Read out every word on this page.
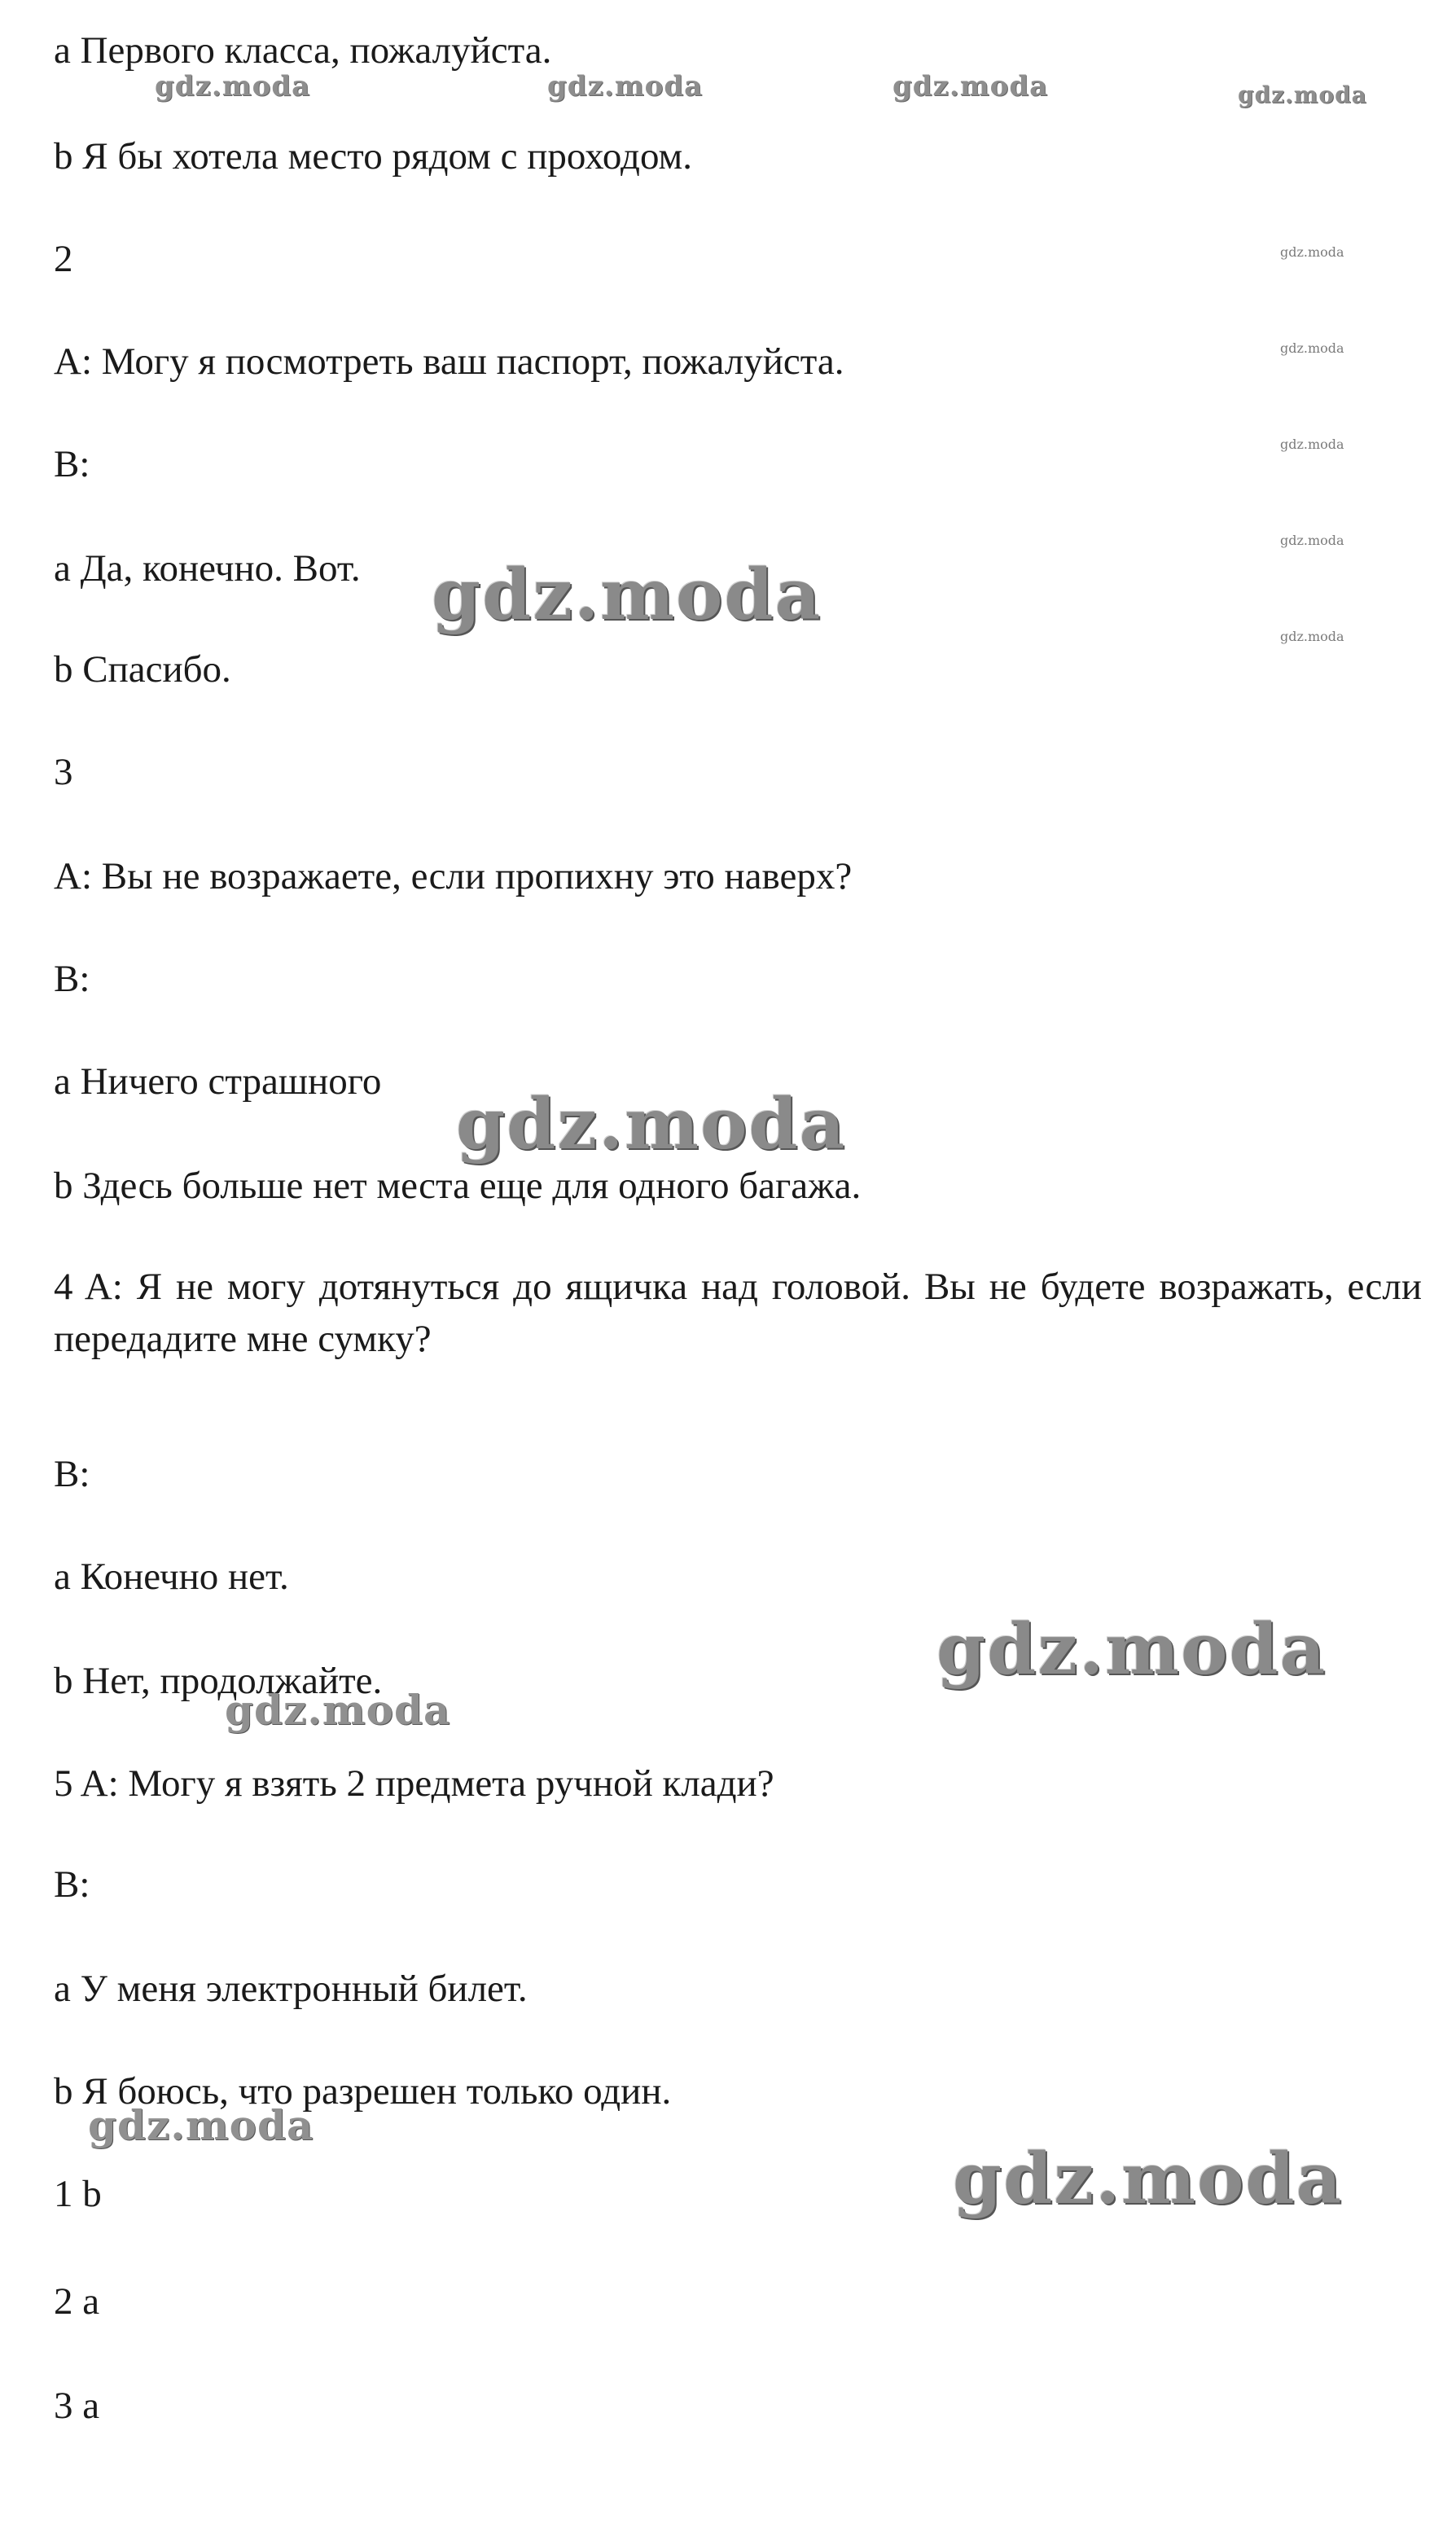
a Первого класса, пожалуйста.
b Я бы хотела место рядом с проходом.
2
A: Могу я посмотреть ваш паспорт, пожалуйста.
B:
a Да, конечно. Вот.
b Спасибо.
3
A: Вы не возражаете, если пропихну это наверх?
B:
a Ничего страшного
b Здесь больше нет места еще для одного багажа.
4 A: Я не могу дотянуться до ящичка над головой. Вы не будете возражать, если передадите мне сумку?
B:
a Конечно нет.
b Нет, продолжайте.
5 A: Могу я взять 2 предмета ручной клади?
B:
a У меня электронный билет.
b Я боюсь, что разрешен только один.
1 b
2 a
3 a
gdz.moda	gdz.moda	gdz.moda	gdz.moda
gdz.moda
gdz.moda
gdz.moda
gdz.moda
gdz.moda
gdz.moda
gdz.moda
gdz.moda
gdz.moda
gdz.moda
gdz.moda
